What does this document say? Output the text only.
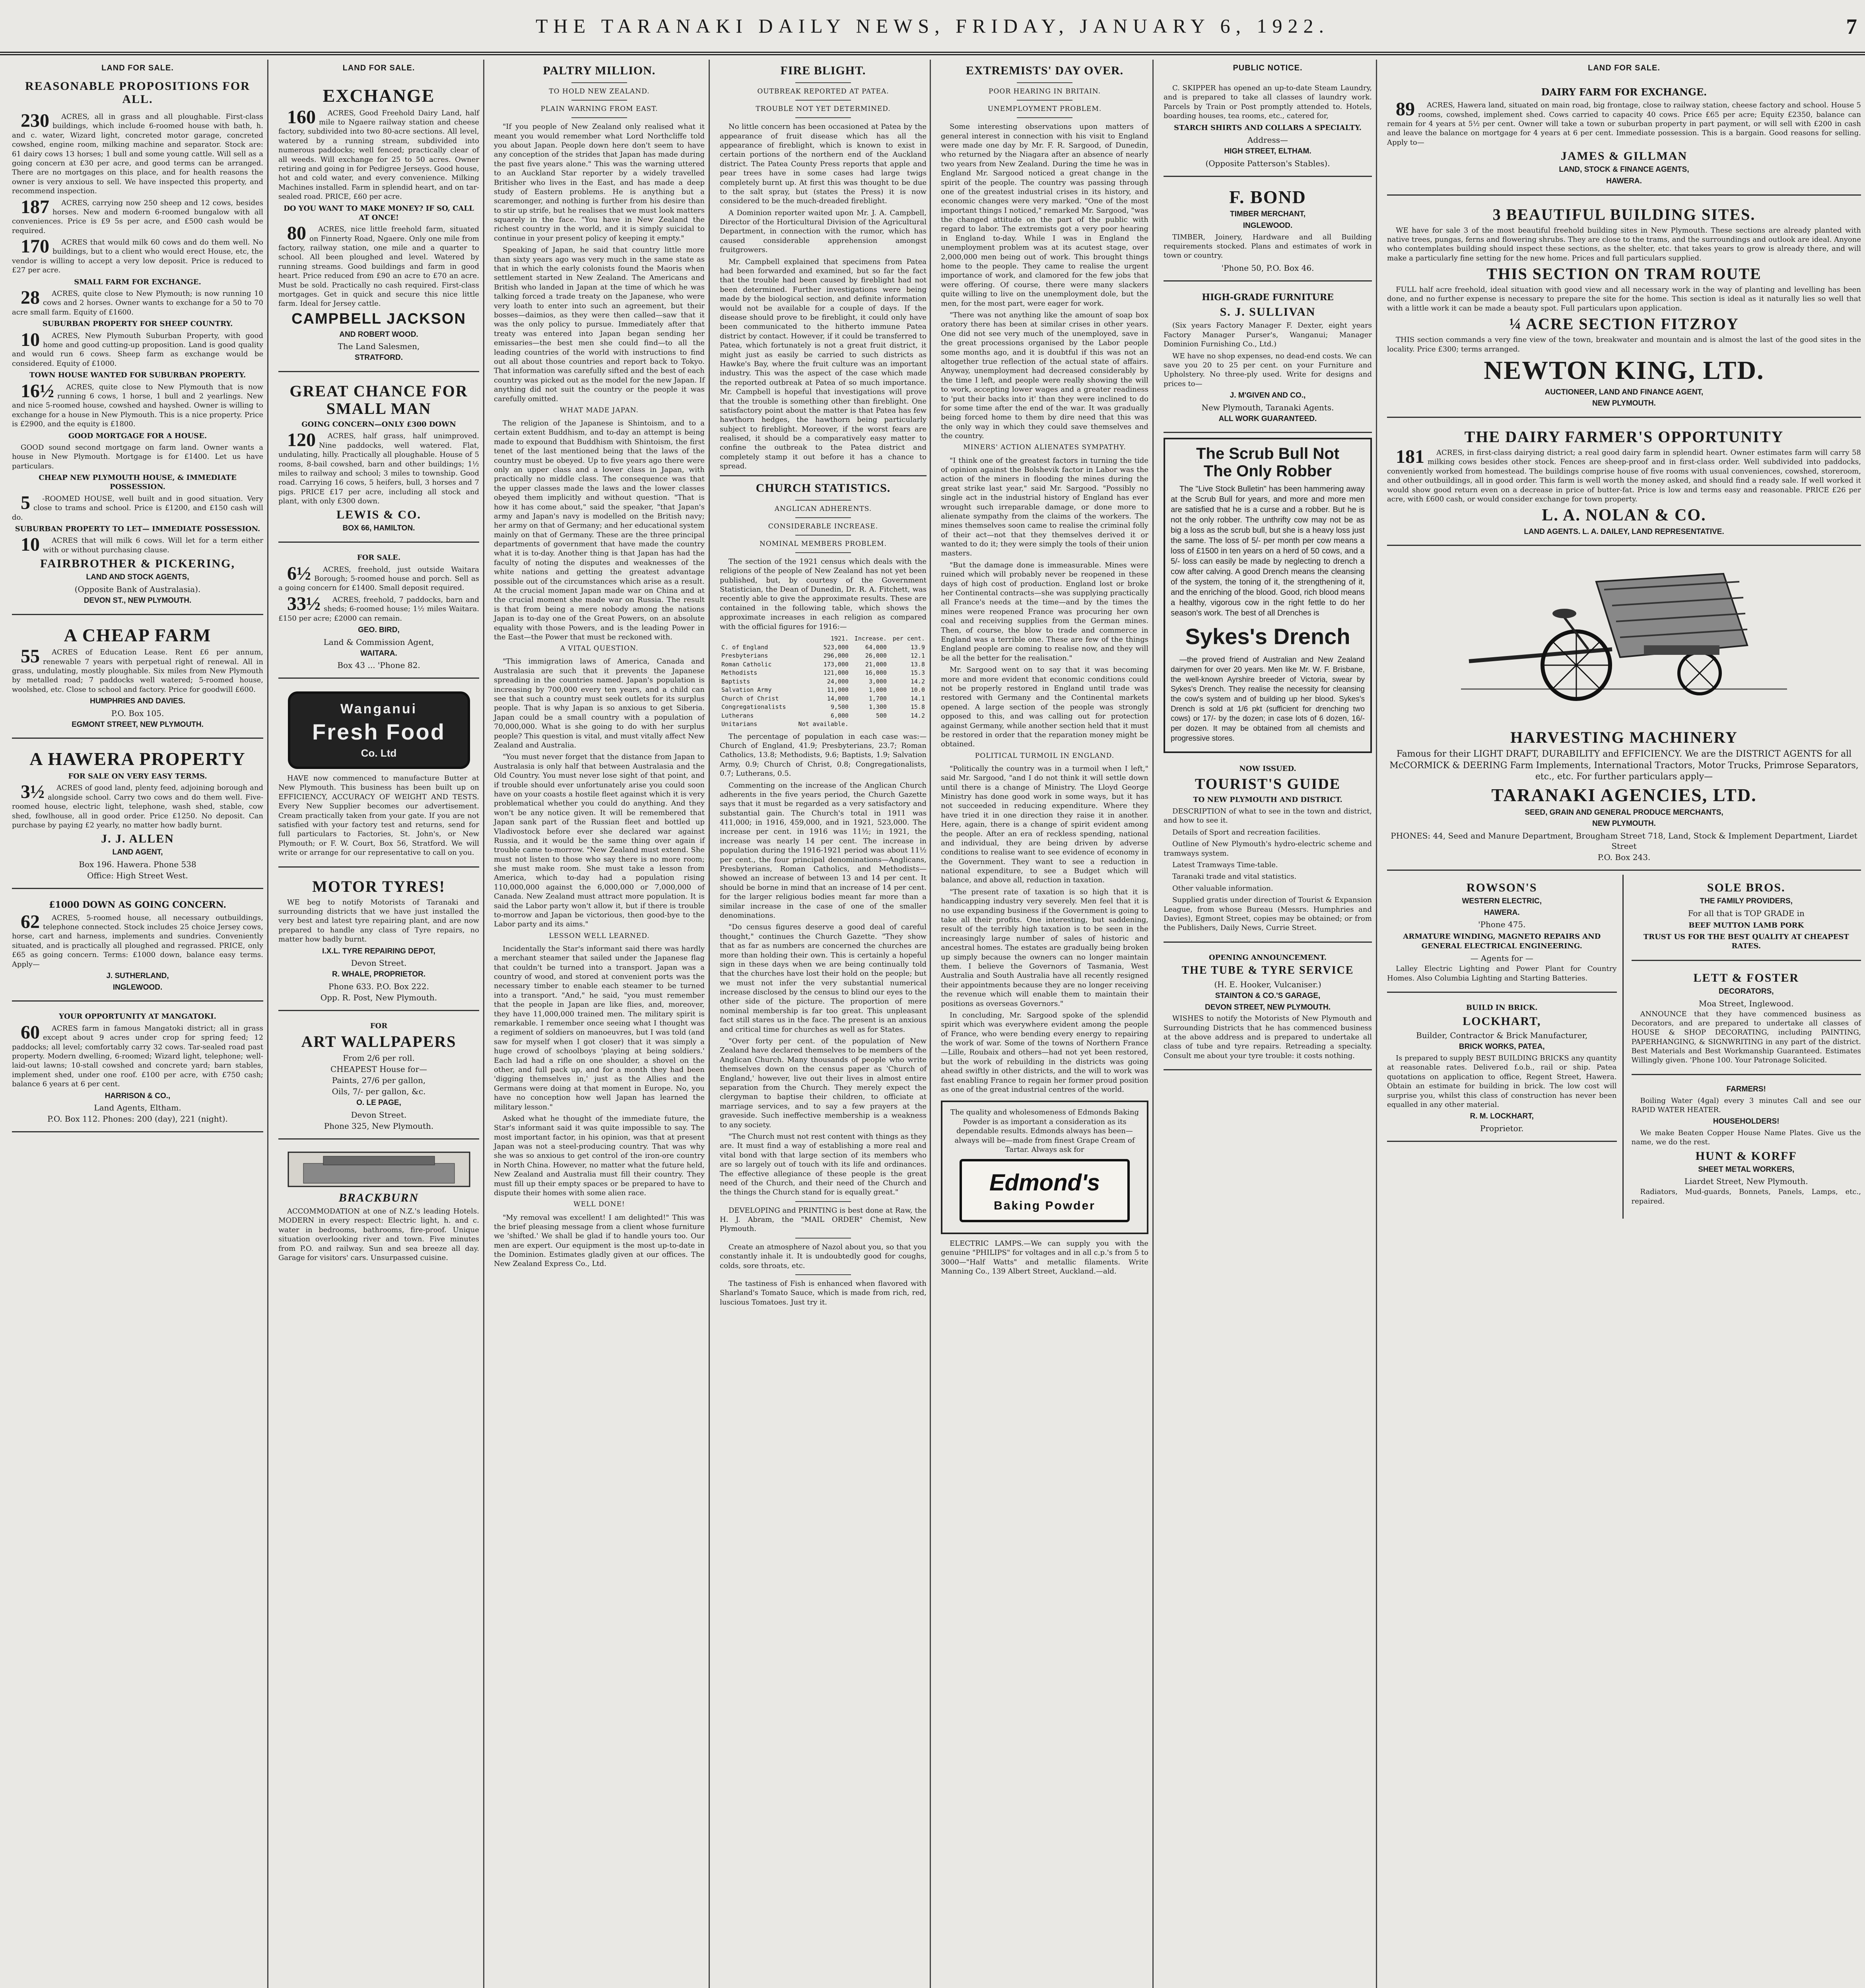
THE TARANAKI DAILY NEWS, FRIDAY, JANUARY 6, 1922.	7
LAND FOR SALE.
REASONABLE PROPOSITIONS FOR ALL.

230 ACRES, all in grass and all ploughable. First-class buildings, which include 6-roomed house with bath, h. and c. water, Wizard light, concreted motor garage, concreted cowshed, engine room, milking machine and separator. Stock are: 61 dairy cows 13 horses; 1 bull and some young cattle. Will sell as a going concern at £30 per acre, and good terms can be arranged. There are no mortgages on this place, and for health reasons the owner is very anxious to sell. We have inspected this property, and recommend inspection.

187 ACRES, carrying now 250 sheep and 12 cows, besides horses. New and modern 6-roomed bungalow with all conveniences. Price is £9 5s per acre, and £500 cash would be required.

170 ACRES that would milk 60 cows and do them well. No buildings, but to a client who would erect House, etc, the vendor is willing to accept a very low deposit. Price is reduced to £27 per acre.

SMALL FARM FOR EXCHANGE.

28 ACRES, quite close to New Plymouth; is now running 10 cows and 2 horses. Owner wants to exchange for a 50 to 70 acre small farm. Equity of £1600.

SUBURBAN PROPERTY FOR SHEEP COUNTRY.

10 ACRES, New Plymouth Suburban Property, with good home and good cutting-up proposition. Land is good quality and would run 6 cows. Sheep farm as exchange would be considered. Equity of £1000.

TOWN HOUSE WANTED FOR SUBURBAN PROPERTY.

16½ ACRES, quite close to New Plymouth that is now running 6 cows, 1 horse, 1 bull and 2 yearlings. New and nice 5-roomed house, cowshed and hayshed. Owner is willing to exchange for a house in New Plymouth. This is a nice property. Price is £2900, and the equity is £1800.

GOOD MORTGAGE FOR A HOUSE.

GOOD sound second mortgage on farm land. Owner wants a house in New Plymouth. Mortgage is for £1400. Let us have particulars.

CHEAP NEW PLYMOUTH HOUSE, & IMMEDIATE POSSESSION.

5 -ROOMED HOUSE, well built and in good situation. Very close to trams and school. Price is £1200, and £150 cash will do.

SUBURBAN PROPERTY TO LET— IMMEDIATE POSSESSION.

10 ACRES that will milk 6 cows. Will let for a term either with or without purchasing clause.

FAIRBROTHER & PICKERING,
LAND AND STOCK AGENTS,
(Opposite Bank of Australasia).
DEVON ST., NEW PLYMOUTH.
A CHEAP FARM

55 ACRES of Education Lease. Rent £6 per annum, renewable 7 years with perpetual right of renewal. All in grass, undulating, mostly ploughable. Six miles from New Plymouth by metalled road; 7 paddocks well watered; 5-roomed house, woolshed, etc. Close to school and factory. Price for goodwill £600.

HUMPHRIES AND DAVIES.
P.O. Box 105.
EGMONT STREET, NEW PLYMOUTH.
A HAWERA PROPERTY
FOR SALE ON VERY EASY TERMS.

3½ ACRES of good land, plenty feed, adjoining borough and alongside school. Carry two cows and do them well. Five-roomed house, electric light, telephone, wash shed, stable, cow shed, fowlhouse, all in good order. Price £1250. No deposit. Can purchase by paying £2 yearly, no matter how badly burnt.

J. J. ALLEN
LAND AGENT,
Box 196. Hawera. Phone 538
Office: High Street West.
£1000 DOWN AS GOING CONCERN.

62 ACRES, 5-roomed house, all necessary outbuildings, telephone connected. Stock includes 25 choice Jersey cows, horse, cart and harness, implements and sundries. Conveniently situated, and is practically all ploughed and regrassed. PRICE, only £65 as going concern. Terms: £1000 down, balance easy terms. Apply—

J. SUTHERLAND,
INGLEWOOD.
YOUR OPPORTUNITY AT MANGATOKI.

60 ACRES farm in famous Mangatoki district; all in grass except about 9 acres under crop for spring feed; 12 paddocks; all level; comfortably carry 32 cows. Tar-sealed road past property. Modern dwelling, 6-roomed; Wizard light, telephone; well-laid-out lawns; 10-stall cowshed and concrete yard; barn stables, implement shed, under one roof. £100 per acre, with £750 cash; balance 6 years at 6 per cent.

HARRISON & CO.,
Land Agents, Eltham.
P.O. Box 112. Phones: 200 (day), 221 (night).
LAND FOR SALE.
EXCHANGE

160 ACRES, Good Freehold Dairy Land, half mile to Ngaere railway station and cheese factory, subdivided into two 80-acre sections. All level, watered by a running stream, subdivided into numerous paddocks; well fenced; practically clear of all weeds. Will exchange for 25 to 50 acres. Owner retiring and going in for Pedigree Jerseys. Good house, hot and cold water, and every convenience. Milking Machines installed. Farm in splendid heart, and on tar-sealed road. PRICE, £60 per acre.

DO YOU WANT TO MAKE MONEY? IF SO, CALL AT ONCE!

80 ACRES, nice little freehold farm, situated on Finnerty Road, Ngaere. Only one mile from factory, railway station, one mile and a quarter to school. All been ploughed and level. Watered by running streams. Good buildings and farm in good heart. Price reduced from £90 an acre to £70 an acre. Must be sold. Practically no cash required. First-class mortgages. Get in quick and secure this nice little farm. Ideal for Jersey cattle.

CAMPBELL JACKSON
AND ROBERT WOOD.
The Land Salesmen,
STRATFORD.
GREAT CHANCE FOR SMALL MAN
GOING CONCERN—ONLY £300 DOWN

120 ACRES, half grass, half unimproved. Nine paddocks, well watered. Flat, undulating, hilly. Practically all ploughable. House of 5 rooms, 8-bail cowshed, barn and other buildings; 1½ miles to railway and school; 3 miles to township. Good road. Carrying 16 cows, 5 heifers, bull, 3 horses and 7 pigs. PRICE £17 per acre, including all stock and plant, with only £300 down.

LEWIS & CO.
BOX 66, HAMILTON.
FOR SALE.

6½ ACRES, freehold, just outside Waitara Borough; 5-roomed house and porch. Sell as a going concern for £1400. Small deposit required.

33½ ACRES, freehold, 7 paddocks, barn and sheds; 6-roomed house; 1½ miles Waitara. £150 per acre; £2000 can remain.

GEO. BIRD,
Land & Commission Agent,
WAITARA.
Box 43 ... 'Phone 82.
Wanganui
Fresh Food
Co. Ltd

HAVE now commenced to manufacture Butter at New Plymouth. This business has been built up on EFFICIENCY, ACCURACY OF WEIGHT AND TESTS. Every New Supplier becomes our advertisement. Cream practically taken from your gate. If you are not satisfied with your factory test and returns, send for full particulars to Factories, St. John's, or New Plymouth; or F. W. Court, Box 56, Stratford. We will write or arrange for our representative to call on you.

MOTOR TYRES!

WE beg to notify Motorists of Taranaki and surrounding districts that we have just installed the very best and latest tyre repairing plant, and are now prepared to handle any class of Tyre repairs, no matter how badly burnt.

I.X.L. TYRE REPAIRING DEPOT,
Devon Street.
R. WHALE, PROPRIETOR.
Phone 633. P.O. Box 222.
Opp. R. Post, New Plymouth.
FOR
ART WALLPAPERS
From 2/6 per roll.
CHEAPEST House for—
Paints, 27/6 per gallon,
Oils, 7/- per gallon, &c.
O. LE PAGE,
Devon Street.
Phone 325, New Plymouth.
BRACKBURN

ACCOMMODATION at one of N.Z.'s leading Hotels. MODERN in every respect: Electric light, h. and c. water in bedrooms, bathrooms, fire-proof. Unique situation overlooking river and town. Five minutes from P.O. and railway. Sun and sea breeze all day. Garage for visitors' cars. Unsurpassed cuisine.

PALTRY MILLION.
TO HOLD NEW ZEALAND.
PLAIN WARNING FROM EAST.

"If you people of New Zealand only realised what it meant you would remember what Lord Northcliffe told you about Japan. People down here don't seem to have any conception of the strides that Japan has made during the past five years alone." This was the warning uttered to an Auckland Star reporter by a widely travelled Britisher who lives in the East, and has made a deep study of Eastern problems. He is anything but a scaremonger, and nothing is further from his desire than to stir up strife, but he realises that we must look matters squarely in the face. "You have in New Zealand the richest country in the world, and it is simply suicidal to continue in your present policy of keeping it empty."

Speaking of Japan, he said that country little more than sixty years ago was very much in the same state as that in which the early colonists found the Maoris when settlement started in New Zealand. The Americans and British who landed in Japan at the time of which he was talking forced a trade treaty on the Japanese, who were very loath to enter into such an agreement, but their bosses—daimios, as they were then called—saw that it was the only policy to pursue. Immediately after that treaty was entered into Japan began sending her emissaries—the best men she could find—to all the leading countries of the world with instructions to find out all about those countries and report back to Tokyo. That information was carefully sifted and the best of each country was picked out as the model for the new Japan. If anything did not suit the country or the people it was carefully omitted.

WHAT MADE JAPAN.

The religion of the Japanese is Shintoism, and to a certain extent Buddhism, and to-day an attempt is being made to expound that Buddhism with Shintoism, the first tenet of the last mentioned being that the laws of the country must be obeyed. Up to five years ago there were only an upper class and a lower class in Japan, with practically no middle class. The consequence was that the upper classes made the laws and the lower classes obeyed them implicitly and without question. "That is how it has come about," said the speaker, "that Japan's army and Japan's navy is modelled on the British navy; her army on that of Germany; and her educational system mainly on that of Germany. These are the three principal departments of government that have made the country what it is to-day. Another thing is that Japan has had the faculty of noting the disputes and weaknesses of the white nations and getting the greatest advantage possible out of the circumstances which arise as a result. At the crucial moment Japan made war on China and at the crucial moment she made war on Russia. The result is that from being a mere nobody among the nations Japan is to-day one of the Great Powers, on an absolute equality with those Powers, and is the leading Power in the East—the Power that must be reckoned with.

A VITAL QUESTION.

"This immigration laws of America, Canada and Australasia are such that it prevents the Japanese spreading in the countries named. Japan's population is increasing by 700,000 every ten years, and a child can see that such a country must seek outlets for its surplus people. That is why Japan is so anxious to get Siberia. Japan could be a small country with a population of 70,000,000. What is she going to do with her surplus people? This question is vital, and must vitally affect New Zealand and Australia.

"You must never forget that the distance from Japan to Australasia is only half that between Australasia and the Old Country. You must never lose sight of that point, and if trouble should ever unfortunately arise you could soon have on your coasts a hostile fleet against which it is very problematical whether you could do anything. And they won't be any notice given. It will be remembered that Japan sank part of the Russian fleet and bottled up Vladivostock before ever she declared war against Russia, and it would be the same thing over again if trouble came to-morrow. "New Zealand must extend. She must not listen to those who say there is no more room; she must make room. She must take a lesson from America, which to-day had a population rising 110,000,000 against the 6,000,000 or 7,000,000 of Canada. New Zealand must attract more population. It is said the Labor party won't allow it, but if there is trouble to-morrow and Japan be victorious, then good-bye to the Labor party and its aims."

LESSON WELL LEARNED.

Incidentally the Star's informant said there was hardly a merchant steamer that sailed under the Japanese flag that couldn't be turned into a transport. Japan was a country of wood, and stored at convenient ports was the necessary timber to enable each steamer to be turned into a transport. "And," he said, "you must remember that the people in Japan are like flies, and, moreover, they have 11,000,000 trained men. The military spirit is remarkable. I remember once seeing what I thought was a regiment of soldiers on manoeuvres, but I was told (and saw for myself when I got closer) that it was simply a huge crowd of schoolboys 'playing at being soldiers.' Each lad had a rifle on one shoulder, a shovel on the other, and full pack up, and for a month they had been 'digging themselves in,' just as the Allies and the Germans were doing at that moment in Europe. No, you have no conception how well Japan has learned the military lesson."

Asked what he thought of the immediate future, the Star's informant said it was quite impossible to say. The most important factor, in his opinion, was that at present Japan was not a steel-producing country. That was why she was so anxious to get control of the iron-ore country in North China. However, no matter what the future held, New Zealand and Australia must fill their country. They must fill up their empty spaces or be prepared to have to dispute their homes with some alien race.

WELL DONE!

"My removal was excellent! I am delighted!" This was the brief pleasing message from a client whose furniture we 'shifted.' We shall be glad if to handle yours too. Our men are expert. Our equipment is the most up-to-date in the Dominion. Estimates gladly given at our offices. The New Zealand Express Co., Ltd.

FIRE BLIGHT.
OUTBREAK REPORTED AT PATEA.
TROUBLE NOT YET DETERMINED.

No little concern has been occasioned at Patea by the appearance of fruit disease which has all the appearance of fireblight, which is known to exist in certain portions of the northern end of the Auckland district. The Patea County Press reports that apple and pear trees have in some cases had large twigs completely burnt up. At first this was thought to be due to the salt spray, but (states the Press) it is now considered to be the much-dreaded fireblight.

A Dominion reporter waited upon Mr. J. A. Campbell, Director of the Horticultural Division of the Agricultural Department, in connection with the rumor, which has caused considerable apprehension amongst fruitgrowers.

Mr. Campbell explained that specimens from Patea had been forwarded and examined, but so far the fact that the trouble had been caused by fireblight had not been determined. Further investigations were being made by the biological section, and definite information would not be available for a couple of days. If the disease should prove to be fireblight, it could only have been communicated to the hitherto immune Patea district by contact. However, if it could be transferred to Patea, which fortunately is not a great fruit district, it might just as easily be carried to such districts as Hawke's Bay, where the fruit culture was an important industry. This was the aspect of the case which made the reported outbreak at Patea of so much importance. Mr. Campbell is hopeful that investigations will prove that the trouble is something other than fireblight. One satisfactory point about the matter is that Patea has few hawthorn hedges, the hawthorn being particularly subject to fireblight. Moreover, if the worst fears are realised, it should be a comparatively easy matter to confine the outbreak to the Patea district and completely stamp it out before it has a chance to spread.

CHURCH STATISTICS.
ANGLICAN ADHERENTS.
CONSIDERABLE INCREASE.
NOMINAL MEMBERS PROBLEM.

The section of the 1921 census which deals with the religions of the people of New Zealand has not yet been published, but, by courtesy of the Government Statistician, the Dean of Dunedin, Dr. R. A. Fitchett, was recently able to give the approximate results. These are contained in the following table, which shows the approximate increases in each religion as compared with the official figures for 1916:—

	1921.	Increase.	per cent.
C. of England	523,000	64,000	13.9
Presbyterians	296,000	26,000	12.1
Roman Catholic	173,000	21,000	13.8
Methodists	121,000	16,000	15.3
Baptists	24,000	3,000	14.2
Salvation Army	11,000	1,000	10.0
Church of Christ	14,000	1,700	14.1
Congregationalists	9,500	1,300	15.8
Lutherans	6,000	500	14.2
Unitarians	Not available.		

The percentage of population in each case was:—Church of England, 41.9; Presbyterians, 23.7; Roman Catholics, 13.8; Methodists, 9.6; Baptists, 1.9; Salvation Army, 0.9; Church of Christ, 0.8; Congregationalists, 0.7; Lutherans, 0.5.

Commenting on the increase of the Anglican Church adherents in the five years period, the Church Gazette says that it must be regarded as a very satisfactory and substantial gain. The Church's total in 1911 was 411,000; in 1916, 459,000, and in 1921, 523,000. The increase per cent. in 1916 was 11½; in 1921, the increase was nearly 14 per cent. The increase in population during the 1916-1921 period was about 11½ per cent., the four principal denominations—Anglicans, Presbyterians, Roman Catholics, and Methodists—showed an increase of between 13 and 14 per cent. It should be borne in mind that an increase of 14 per cent. for the larger religious bodies meant far more than a similar increase in the case of one of the smaller denominations.

"Do census figures deserve a good deal of careful thought," continues the Church Gazette. "They show that as far as numbers are concerned the churches are more than holding their own. This is certainly a hopeful sign in these days when we are being continually told that the churches have lost their hold on the people; but we must not infer the very substantial numerical increase disclosed by the census to blind our eyes to the other side of the picture. The proportion of mere nominal membership is far too great. This unpleasant fact still stares us in the face. The present is an anxious and critical time for churches as well as for States.

"Over forty per cent. of the population of New Zealand have declared themselves to be members of the Anglican Church. Many thousands of people who write themselves down on the census paper as 'Church of England,' however, live out their lives in almost entire separation from the Church. They merely expect the clergyman to baptise their children, to officiate at marriage services, and to say a few prayers at the graveside. Such ineffective membership is a weakness to any society.

"The Church must not rest content with things as they are. It must find a way of establishing a more real and vital bond with that large section of its members who are so largely out of touch with its life and ordinances. The effective allegiance of these people is the great need of the Church, and their need of the Church and the things the Church stand for is equally great."

DEVELOPING and PRINTING is best done at Raw, the H. J. Abram, the "MAIL ORDER" Chemist, New Plymouth.

Create an atmosphere of Nazol about you, so that you constantly inhale it. It is undoubtedly good for coughs, colds, sore throats, etc.

The tastiness of Fish is enhanced when flavored with Sharland's Tomato Sauce, which is made from rich, red, luscious Tomatoes. Just try it.

EXTREMISTS' DAY OVER.
POOR HEARING IN BRITAIN.
UNEMPLOYMENT PROBLEM.

Some interesting observations upon matters of general interest in connection with his visit to England were made one day by Mr. F. R. Sargood, of Dunedin, who returned by the Niagara after an absence of nearly two years from New Zealand. During the time he was in England Mr. Sargood noticed a great change in the spirit of the people. The country was passing through one of the greatest industrial crises in its history, and economic changes were very marked. "One of the most important things I noticed," remarked Mr. Sargood, "was the changed attitude on the part of the public with regard to labor. The extremists got a very poor hearing in England to-day. While I was in England the unemployment problem was at its acutest stage, over 2,000,000 men being out of work. This brought things home to the people. They came to realise the urgent importance of work, and clamored for the few jobs that were offering. Of course, there were many slackers quite willing to live on the unemployment dole, but the men, for the most part, were eager for work.

"There was not anything like the amount of soap box oratory there has been at similar crises in other years. One did not see very much of the unemployed, save in the great processions organised by the Labor people some months ago, and it is doubtful if this was not an altogether true reflection of the actual state of affairs. Anyway, unemployment had decreased considerably by the time I left, and people were really showing the will to work, accepting lower wages and a greater readiness to 'put their backs into it' than they were inclined to do for some time after the end of the war. It was gradually being forced home to them by dire need that this was the only way in which they could save themselves and the country.

MINERS' ACTION ALIENATES SYMPATHY.

"I think one of the greatest factors in turning the tide of opinion against the Bolshevik factor in Labor was the action of the miners in flooding the mines during the great strike last year," said Mr. Sargood. "Possibly no single act in the industrial history of England has ever wrought such irreparable damage, or done more to alienate sympathy from the claims of the workers. The mines themselves soon came to realise the criminal folly of their act—not that they themselves derived it or wanted to do it; they were simply the tools of their union masters.

"But the damage done is immeasurable. Mines were ruined which will probably never be reopened in these days of high cost of production. England lost or broke her Continental contracts—she was supplying practically all France's needs at the time—and by the times the mines were reopened France was procuring her own coal and receiving supplies from the German mines. Then, of course, the blow to trade and commerce in England was a terrible one. These are few of the things England people are coming to realise now, and they will be all the better for the realisation."

Mr. Sargood went on to say that it was becoming more and more evident that economic conditions could not be properly restored in England until trade was restored with Germany and the Continental markets opened. A large section of the people was strongly opposed to this, and was calling out for protection against Germany, while another section held that it must be restored in order that the reparation money might be obtained.

POLITICAL TURMOIL IN ENGLAND.

"Politically the country was in a turmoil when I left," said Mr. Sargood, "and I do not think it will settle down until there is a change of Ministry. The Lloyd George Ministry has done good work in some ways, but it has not succeeded in reducing expenditure. Where they have tried it in one direction they raise it in another. Here, again, there is a change of spirit evident among the people. After an era of reckless spending, national and individual, they are being driven by adverse conditions to realise want to see evidence of economy in the Government. They want to see a reduction in national expenditure, to see a Budget which will balance, and above all, reduction in taxation.

"The present rate of taxation is so high that it is handicapping industry very severely. Men feel that it is no use expanding business if the Government is going to take all their profits. One interesting, but saddening, result of the terribly high taxation is to be seen in the increasingly large number of sales of historic and ancestral homes. The estates are gradually being broken up simply because the owners can no longer maintain them. I believe the Governors of Tasmania, West Australia and South Australia have all recently resigned their appointments because they are no longer receiving the revenue which will enable them to maintain their positions as overseas Governors."

In concluding, Mr. Sargood spoke of the splendid spirit which was everywhere evident among the people of France, who were bending every energy to repairing the work of war. Some of the towns of Northern France—Lille, Roubaix and others—had not yet been restored, but the work of rebuilding in the districts was going ahead swiftly in other districts, and the will to work was fast enabling France to regain her former proud position as one of the great industrial centres of the world.

The quality and wholesomeness of Edmonds Baking Powder is as important a consideration as its dependable results. Edmonds always has been—always will be—made from finest Grape Cream of Tartar. Always ask for

Edmond's
Baking Powder

ELECTRIC LAMPS.—We can supply you with the genuine "PHILIPS" for voltages and in all c.p.'s from 5 to 3000—"Half Watts" and metallic filaments. Write Manning Co., 139 Albert Street, Auckland.—ald.

PUBLIC NOTICE.

C. SKIPPER has opened an up-to-date Steam Laundry, and is prepared to take all classes of laundry work. Parcels by Train or Post promptly attended to. Hotels, boarding houses, tea rooms, etc., catered for,

STARCH SHIRTS AND COLLARS A SPECIALTY.
Address—
HIGH STREET, ELTHAM.
(Opposite Patterson's Stables).
F. BOND
TIMBER MERCHANT,
INGLEWOOD.

TIMBER, Joinery, Hardware and all Building requirements stocked. Plans and estimates of work in town or country.

'Phone 50, P.O. Box 46.
HIGH-GRADE FURNITURE
S. J. SULLIVAN

(Six years Factory Manager F. Dexter, eight years Factory Manager Purser's, Wanganui; Manager Dominion Furnishing Co., Ltd.)

WE have no shop expenses, no dead-end costs. We can save you 20 to 25 per cent. on your Furniture and Upholstery. No three-ply used. Write for designs and prices to—

J. M'GIVEN AND CO.,
New Plymouth, Taranaki Agents.
ALL WORK GUARANTEED.
The Scrub Bull Not
The Only Robber

The "Live Stock Bulletin" has been hammering away at the Scrub Bull for years, and more and more men are satisfied that he is a curse and a robber. But he is not the only robber. The unthrifty cow may not be as big a loss as the scrub bull, but she is a heavy loss just the same. The loss of 5/- per month per cow means a loss of £1500 in ten years on a herd of 50 cows, and a 5/- loss can easily be made by neglecting to drench a cow after calving. A good Drench means the cleansing of the system, the toning of it, the strengthening of it, and the enriching of the blood. Good, rich blood means a healthy, vigorous cow in the right fettle to do her season's work. The best of all Drenches is

Sykes's Drench

—the proved friend of Australian and New Zealand dairymen for over 20 years. Men like Mr. W. F. Brisbane, the well-known Ayrshire breeder of Victoria, swear by Sykes's Drench. They realise the necessity for cleansing the cow's system and of building up her blood. Sykes's Drench is sold at 1/6 pkt (sufficient for drenching two cows) or 17/- by the dozen; in case lots of 6 dozen, 16/- per dozen. It may be obtained from all chemists and progressive stores.

NOW ISSUED.
TOURIST'S GUIDE
TO NEW PLYMOUTH AND DISTRICT.

DESCRIPTION of what to see in the town and district, and how to see it.

Details of Sport and recreation facilities.

Outline of New Plymouth's hydro-electric scheme and tramways system.

Latest Tramways Time-table.

Taranaki trade and vital statistics.

Other valuable information.

Supplied gratis under direction of Tourist & Expansion League, from whose Bureau (Messrs. Humphries and Davies), Egmont Street, copies may be obtained; or from the Publishers, Daily News, Currie Street.

OPENING ANNOUNCEMENT.
THE TUBE & TYRE SERVICE
(H. E. Hooker, Vulcaniser.)
STAINTON & CO.'S GARAGE,
DEVON STREET, NEW PLYMOUTH.

WISHES to notify the Motorists of New Plymouth and Surrounding Districts that he has commenced business at the above address and is prepared to undertake all class of tube and tyre repairs. Retreading a specialty. Consult me about your tyre trouble: it costs nothing.

LAND FOR SALE.
DAIRY FARM FOR EXCHANGE.

89 ACRES, Hawera land, situated on main road, big frontage, close to railway station, cheese factory and school. House 5 rooms, cowshed, implement shed. Cows carried to capacity 40 cows. Price £65 per acre; Equity £2350, balance can remain for 4 years at 5½ per cent. Owner will take a town or suburban property in part payment, or will sell with £200 in cash and leave the balance on mortgage for 4 years at 6 per cent. Immediate possession. This is a bargain. Good reasons for selling. Apply to—

JAMES & GILLMAN
LAND, STOCK & FINANCE AGENTS,
HAWERA.
3 BEAUTIFUL BUILDING SITES.

WE have for sale 3 of the most beautiful freehold building sites in New Plymouth. These sections are already planted with native trees, pungas, ferns and flowering shrubs. They are close to the trams, and the surroundings and outlook are ideal. Anyone who contemplates building should inspect these sections, as the shelter, etc. that takes years to grow is already there, and will make a particularly fine setting for the new home. Prices and full particulars supplied.

THIS SECTION ON TRAM ROUTE

FULL half acre freehold, ideal situation with good view and all necessary work in the way of planting and levelling has been done, and no further expense is necessary to prepare the site for the home. This section is ideal as it naturally lies so well that with a little work it can be made a beauty spot. Full particulars upon application.

¼ ACRE SECTION FITZROY

THIS section commands a very fine view of the town, breakwater and mountain and is almost the last of the good sites in the locality. Price £300; terms arranged.

NEWTON KING, LTD.
AUCTIONEER, LAND AND FINANCE AGENT,
NEW PLYMOUTH.
THE DAIRY FARMER'S OPPORTUNITY

181 ACRES, in first-class dairying district; a real good dairy farm in splendid heart. Owner estimates farm will carry 58 milking cows besides other stock. Fences are sheep-proof and in first-class order. Well subdivided into paddocks, conveniently worked from homestead. The buildings comprise house of five rooms with usual conveniences, cowshed, storeroom, and other outbuildings, all in good order. This farm is well worth the money asked, and should find a ready sale. If well worked it would show good return even on a decrease in price of butter-fat. Price is low and terms easy and reasonable. PRICE £26 per acre, with £600 cash, or would consider exchange for town property.

L. A. NOLAN & CO.
LAND AGENTS. L. A. DAILEY, LAND REPRESENTATIVE.
HARVESTING MACHINERY

Famous for their LIGHT DRAFT, DURABILITY and EFFICIENCY. We are the DISTRICT AGENTS for all McCORMICK & DEERING Farm Implements, International Tractors, Motor Trucks, Primrose Separators, etc., etc. For further particulars apply—

TARANAKI AGENCIES, LTD.
SEED, GRAIN AND GENERAL PRODUCE MERCHANTS,
NEW PLYMOUTH.
PHONES: 44, Seed and Manure Department, Brougham Street 718, Land, Stock & Implement Department, Liardet Street
P.O. Box 243.
ROWSON'S
WESTERN ELECTRIC,
HAWERA.
'Phone 475.
ARMATURE WINDING, MAGNETO REPAIRS AND GENERAL ELECTRICAL ENGINEERING.
— Agents for —

Lalley Electric Lighting and Power Plant for Country Homes. Also Columbia Lighting and Starting Batteries.

BUILD IN BRICK.
LOCKHART,
Builder, Contractor & Brick Manufacturer,
BRICK WORKS, PATEA,

Is prepared to supply BEST BUILDING BRICKS any quantity at reasonable rates. Delivered f.o.b., rail or ship. Patea quotations on application to office, Regent Street, Hawera. Obtain an estimate for building in brick. The low cost will surprise you, whilst this class of construction has never been equalled in any other material.

R. M. LOCKHART,
Proprietor.
SOLE BROS.
THE FAMILY PROVIDERS,
For all that is TOP GRADE in
BEEF MUTTON LAMB PORK
TRUST US FOR THE BEST QUALITY AT CHEAPEST RATES.
LETT & FOSTER
DECORATORS,
Moa Street, Inglewood.

ANNOUNCE that they have commenced business as Decorators, and are prepared to undertake all classes of HOUSE & SHOP DECORATING, including PAINTING, PAPERHANGING, & SIGNWRITING in any part of the district. Best Materials and Best Workmanship Guaranteed. Estimates Willingly given. 'Phone 100. Your Patronage Solicited.

FARMERS!

Boiling Water (4gal) every 3 minutes Call and see our RAPID WATER HEATER.

HOUSEHOLDERS!

We make Beaten Copper House Name Plates. Give us the name, we do the rest.

HUNT & KORFF
SHEET METAL WORKERS,
Liardet Street, New Plymouth.

Radiators, Mud-guards, Bonnets, Panels, Lamps, etc., repaired.
